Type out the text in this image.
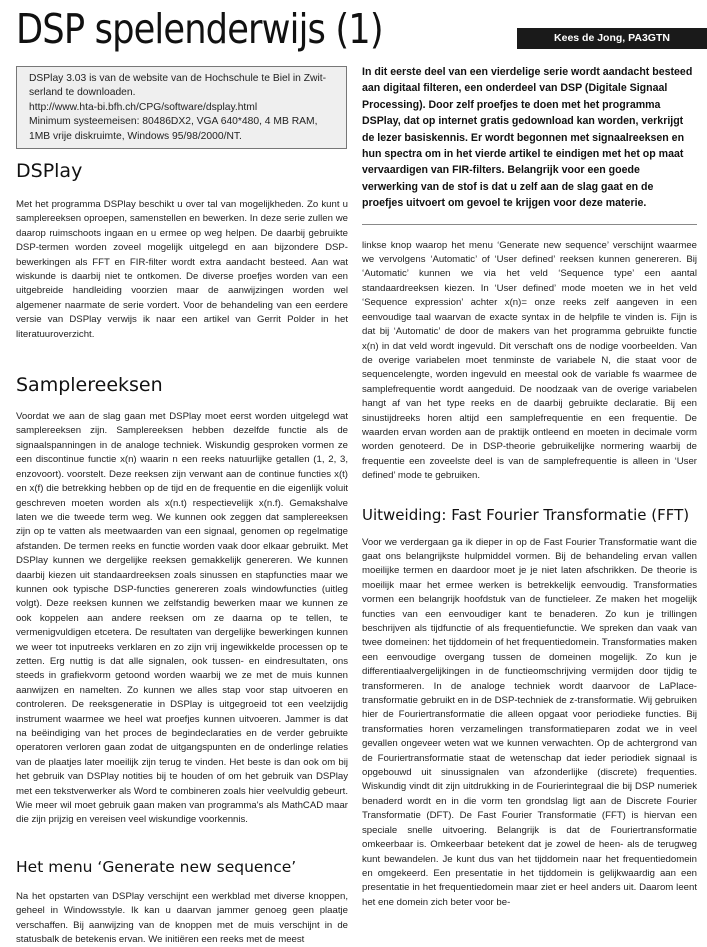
DSP spelenderwijs (1)	Kees de Jong, PA3GTN

DSPlay 3.03 is van de website van de Hochschule te Biel in Zwit-

serland te downloaden.

http://www.hta-bi.bfh.ch/CPG/software/dsplay.html

Minimum systeemeisen: 80486DX2, VGA 640*480, 4 MB RAM,

1MB vrije diskruimte, Windows 95/98/2000/NT.

DSPlay

Met het programma DSPlay beschikt u over tal van mogelijkheden. Zo kunt u samplereeksen oproepen, samenstellen en bewerken. In deze serie zullen we daarop ruimschoots ingaan en u ermee op weg helpen. De daarbij gebruikte DSP-termen worden zoveel mogelijk uitgelegd en aan bijzondere DSP-bewerkingen als FFT en FIR-filter wordt extra aandacht besteed. Aan wat wiskunde is daarbij niet te ontkomen. De diverse proefjes worden van een uitgebreide handleiding voorzien maar de aanwijzingen worden wel algemener naarmate de serie vordert. Voor de behandeling van een eerdere versie van DSPlay verwijs ik naar een artikel van Gerrit Polder in het literatuuroverzicht.

Samplereeksen

Voordat we aan de slag gaan met DSPlay moet eerst worden uitgelegd wat samplereeksen zijn. Samplereeksen hebben dezelfde functie als de signaalspanningen in de analoge techniek. Wiskundig gesproken vormen ze een discontinue functie x(n) waarin n een reeks natuurlijke getallen (1, 2, 3, enzovoort). voorstelt. Deze reeksen zijn verwant aan de continue functies x(t) en x(f) die betrekking hebben op de tijd en de frequentie en die eigenlijk voluit geschreven moeten worden als x(n.t) respectievelijk x(n.f). Gemakshalve laten we die tweede term weg. We kunnen ook zeggen dat samplereeksen zijn op te vatten als meetwaarden van een signaal, genomen op regelmatige afstanden. De termen reeks en functie worden vaak door elkaar gebruikt. Met DSPlay kunnen we dergelijke reeksen gemakkelijk genereren. We kunnen daarbij kiezen uit standaardreeksen zoals sinussen en stapfuncties maar we kunnen ook typische DSP-functies genereren zoals windowfuncties (uitleg volgt). Deze reeksen kunnen we zelfstandig bewerken maar we kunnen ze ook koppelen aan andere reeksen om ze daarna op te tellen, te vermenigvuldigen etcetera. De resultaten van dergelijke bewerkingen kunnen we weer tot inputreeks verklaren en zo zijn vrij ingewikkelde processen op te zetten. Erg nuttig is dat alle signalen, ook tussen- en eindresultaten, ons steeds in grafiekvorm getoond worden waarbij we ze met de muis kunnen aanwijzen en namelten. Zo kunnen we alles stap voor stap uitvoeren en controleren. De reeksgeneratie in DSPlay is uitgegroeid tot een veelzijdig instrument waarmee we heel wat proefjes kunnen uitvoeren. Jammer is dat na beëindiging van het proces de begindeclaraties en de verder gebruikte operatoren verloren gaan zodat de uitgangspunten en de onderlinge relaties van de plaatjes later moeilijk zijn terug te vinden. Het beste is dan ook om bij het gebruik van DSPlay notities bij te houden of om het gebruik van DSPlay met een tekstverwerker als Word te combineren zoals hier veelvuldig gebeurt. Wie meer wil moet gebruik gaan maken van programma's als MathCAD maar die zijn prijzig en vereisen veel wiskundige voorkennis.

Het menu ‘Generate new sequence’

Na het opstarten van DSPlay verschijnt een werkblad met diverse knoppen, geheel in Windowsstyle. Ik kan u daarvan jammer genoeg geen plaatje verschaffen. Bij aanwijzing van de knoppen met de muis verschijnt in de statusbalk de betekenis ervan. We initiëren een reeks met de meest

In dit eerste deel van een vierdelige serie wordt aandacht besteed aan digitaal filteren, een onderdeel van DSP (Digitale Signaal Processing). Door zelf proefjes te doen met het programma DSPlay, dat op internet gratis gedownload kan worden, verkrijgt de lezer basiskennis. Er wordt begonnen met signaalreeksen en hun spectra om in het vierde artikel te eindigen met het op maat vervaardigen van FIR-filters. Belangrijk voor een goede verwerking van de stof is dat u zelf aan de slag gaat en de proefjes uitvoert om gevoel te krijgen voor deze materie.

linkse knop waarop het menu ‘Generate new sequence’ verschijnt waarmee we vervolgens ‘Automatic’ of ‘User defined’ reeksen kunnen genereren. Bij ‘Automatic’ kunnen we via het veld ‘Sequence type’ een aantal standaardreeksen kiezen. In ‘User defined’ mode moeten we in het veld ‘Sequence expression’ achter x(n)= onze reeks zelf aangeven in een eenvoudige taal waarvan de exacte syntax in de helpfile te vinden is. Fijn is dat bij ‘Automatic’ de door de makers van het programma gebruikte functie x(n) in dat veld wordt ingevuld. Dit verschaft ons de nodige voorbeelden. Van de overige variabelen moet tenminste de variabele N, die staat voor de sequencelengte, worden ingevuld en meestal ook de variable fs waarmee de samplefrequentie wordt aangeduid. De noodzaak van de overige variabelen hangt af van het type reeks en de daarbij gebruikte declaratie. Bij een sinustijdreeks horen altijd een samplefrequentie en een frequentie. De waarden ervan worden aan de praktijk ontleend en moeten in decimale vorm worden genoteerd. De in DSP-theorie gebruikelijke normering waarbij de frequentie een zoveelste deel is van de samplefrequentie is alleen in ‘User defined’ mode te gebruiken.

Uitweiding: Fast Fourier Transformatie (FFT)

Voor we verdergaan ga ik dieper in op de Fast Fourier Transformatie want die gaat ons belangrijkste hulpmiddel vormen. Bij de behandeling ervan vallen moeilijke termen en daardoor moet je je niet laten afschrikken. De theorie is moeilijk maar het ermee werken is betrekkelijk eenvoudig. Transformaties vormen een belangrijk hoofdstuk van de functieleer. Ze maken het mogelijk functies van een eenvoudiger kant te benaderen. Zo kun je trillingen beschrijven als tijdfunctie of als frequentiefunctie. We spreken dan vaak van twee domeinen: het tijddomein of het frequentiedomein. Transformaties maken een eenvoudige overgang tussen de domeinen mogelijk. Zo kun je differentiaalvergelijkingen in de functieomschrijving vermijden door tijdig te transformeren. In de analoge techniek wordt daarvoor de LaPlace-transformatie gebruikt en in de DSP-techniek de z-transformatie. Wij gebruiken hier de Fouriertransformatie die alleen opgaat voor periodieke functies. Bij transformaties horen verzamelingen transformatieparen zodat we in veel gevallen ongeveer weten wat we kunnen verwachten. Op de achtergrond van de Fouriertransformatie staat de wetenschap dat ieder periodiek signaal is opgebouwd uit sinussignalen van afzonderlijke (discrete) frequenties. Wiskundig vindt dit zijn uitdrukking in de Fourierintegraal die bij DSP numeriek benaderd wordt en in die vorm ten grondslag ligt aan de Discrete Fourier Transformatie (DFT). De Fast Fourier Transformatie (FFT) is hiervan een speciale snelle uitvoering. Belangrijk is dat de Fouriertransformatie omkeerbaar is. Omkeerbaar betekent dat je zowel de heen- als de terugweg kunt bewandelen. Je kunt dus van het tijddomein naar het frequentiedomein en omgekeerd. Een presentatie in het tijddomein is gelijkwaardig aan een presentatie in het frequentiedomein maar ziet er heel anders uit. Daarom leent het ene domein zich beter voor be-
